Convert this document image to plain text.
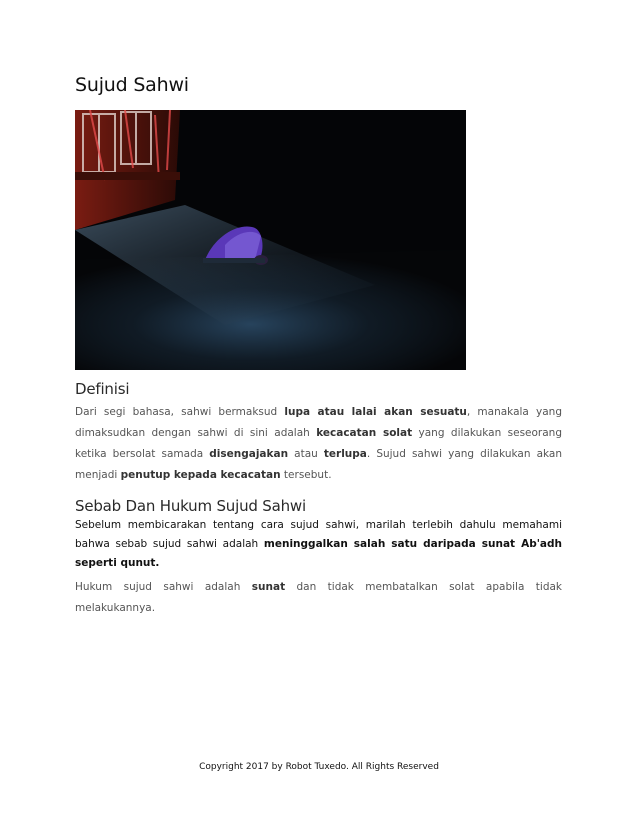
Sujud Sahwi
Definisi

Dari segi bahasa, sahwi bermaksud lupa atau lalai akan sesuatu, manakala yang dimaksudkan dengan sahwi di sini adalah kecacatan solat yang dilakukan seseorang ketika bersolat samada disengajakan atau terlupa. Sujud sahwi yang dilakukan akan menjadi penutup kepada kecacatan tersebut.

Sebab Dan Hukum Sujud Sahwi

Sebelum membicarakan tentang cara sujud sahwi, marilah terlebih dahulu memahami bahwa sebab sujud sahwi adalah meninggalkan salah satu daripada sunat Ab'adh seperti qunut.

Hukum sujud sahwi adalah sunat dan tidak membatalkan solat apabila tidak melakukannya.

Copyright 2017 by Robot Tuxedo. All Rights Reserved
